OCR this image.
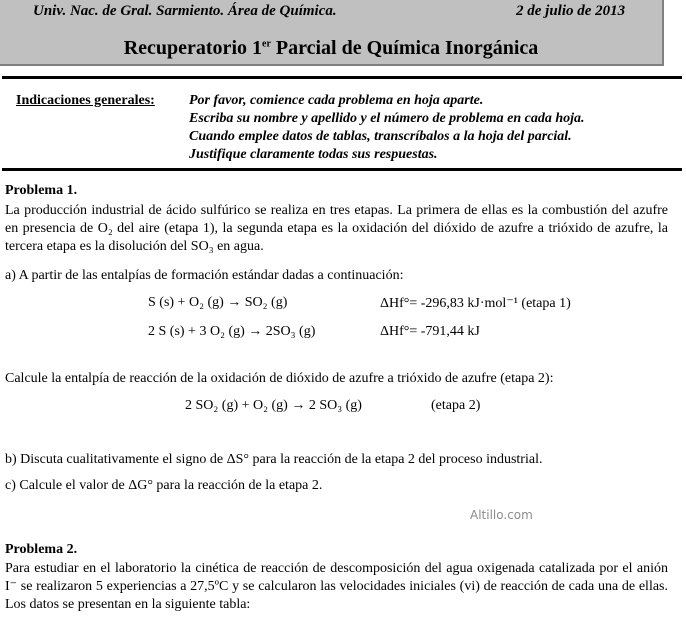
Univ. Nac. de Gral. Sarmiento. Área de Química.	2 de julio de 2013
Recuperatorio 1er Parcial de Química Inorgánica
Indicaciones generales: Por favor, comience cada problema en hoja aparte.
Escriba su nombre y apellido y el número de problema en cada hoja.
Cuando emplee datos de tablas, transcríbalos a la hoja del parcial.
Justifique claramente todas sus respuestas.
Problema 1.
La producción industrial de ácido sulfúrico se realiza en tres etapas. La primera de ellas es la combustión del azufre en presencia de O₂ del aire (etapa 1), la segunda etapa es la oxidación del dióxido de azufre a trióxido de azufre, la tercera etapa es la disolución del SO₃ en agua.
a) A partir de las entalpías de formación estándar dadas a continuación:
S (s) + O₂ (g) → SO₂ (g)	ΔHf°= -296,83 kJ·mol⁻¹ (etapa 1)
2 S (s) + 3 O₂ (g) → 2SO₃ (g)	ΔHf°= -791,44 kJ
Calcule la entalpía de reacción de la oxidación de dióxido de azufre a trióxido de azufre (etapa 2):
2 SO₂ (g) + O₂ (g) → 2 SO₃ (g)	(etapa 2)
b) Discuta cualitativamente el signo de ΔS° para la reacción de la etapa 2 del proceso industrial.
c) Calcule el valor de ΔG° para la reacción de la etapa 2.
Altillo.com
Problema 2.
Para estudiar en el laboratorio la cinética de reacción de descomposición del agua oxigenada catalizada por el anión I⁻ se realizaron 5 experiencias a 27,5ºC y se calcularon las velocidades iniciales (vi) de reacción de cada una de ellas. Los datos se presentan en la siguiente tabla:
